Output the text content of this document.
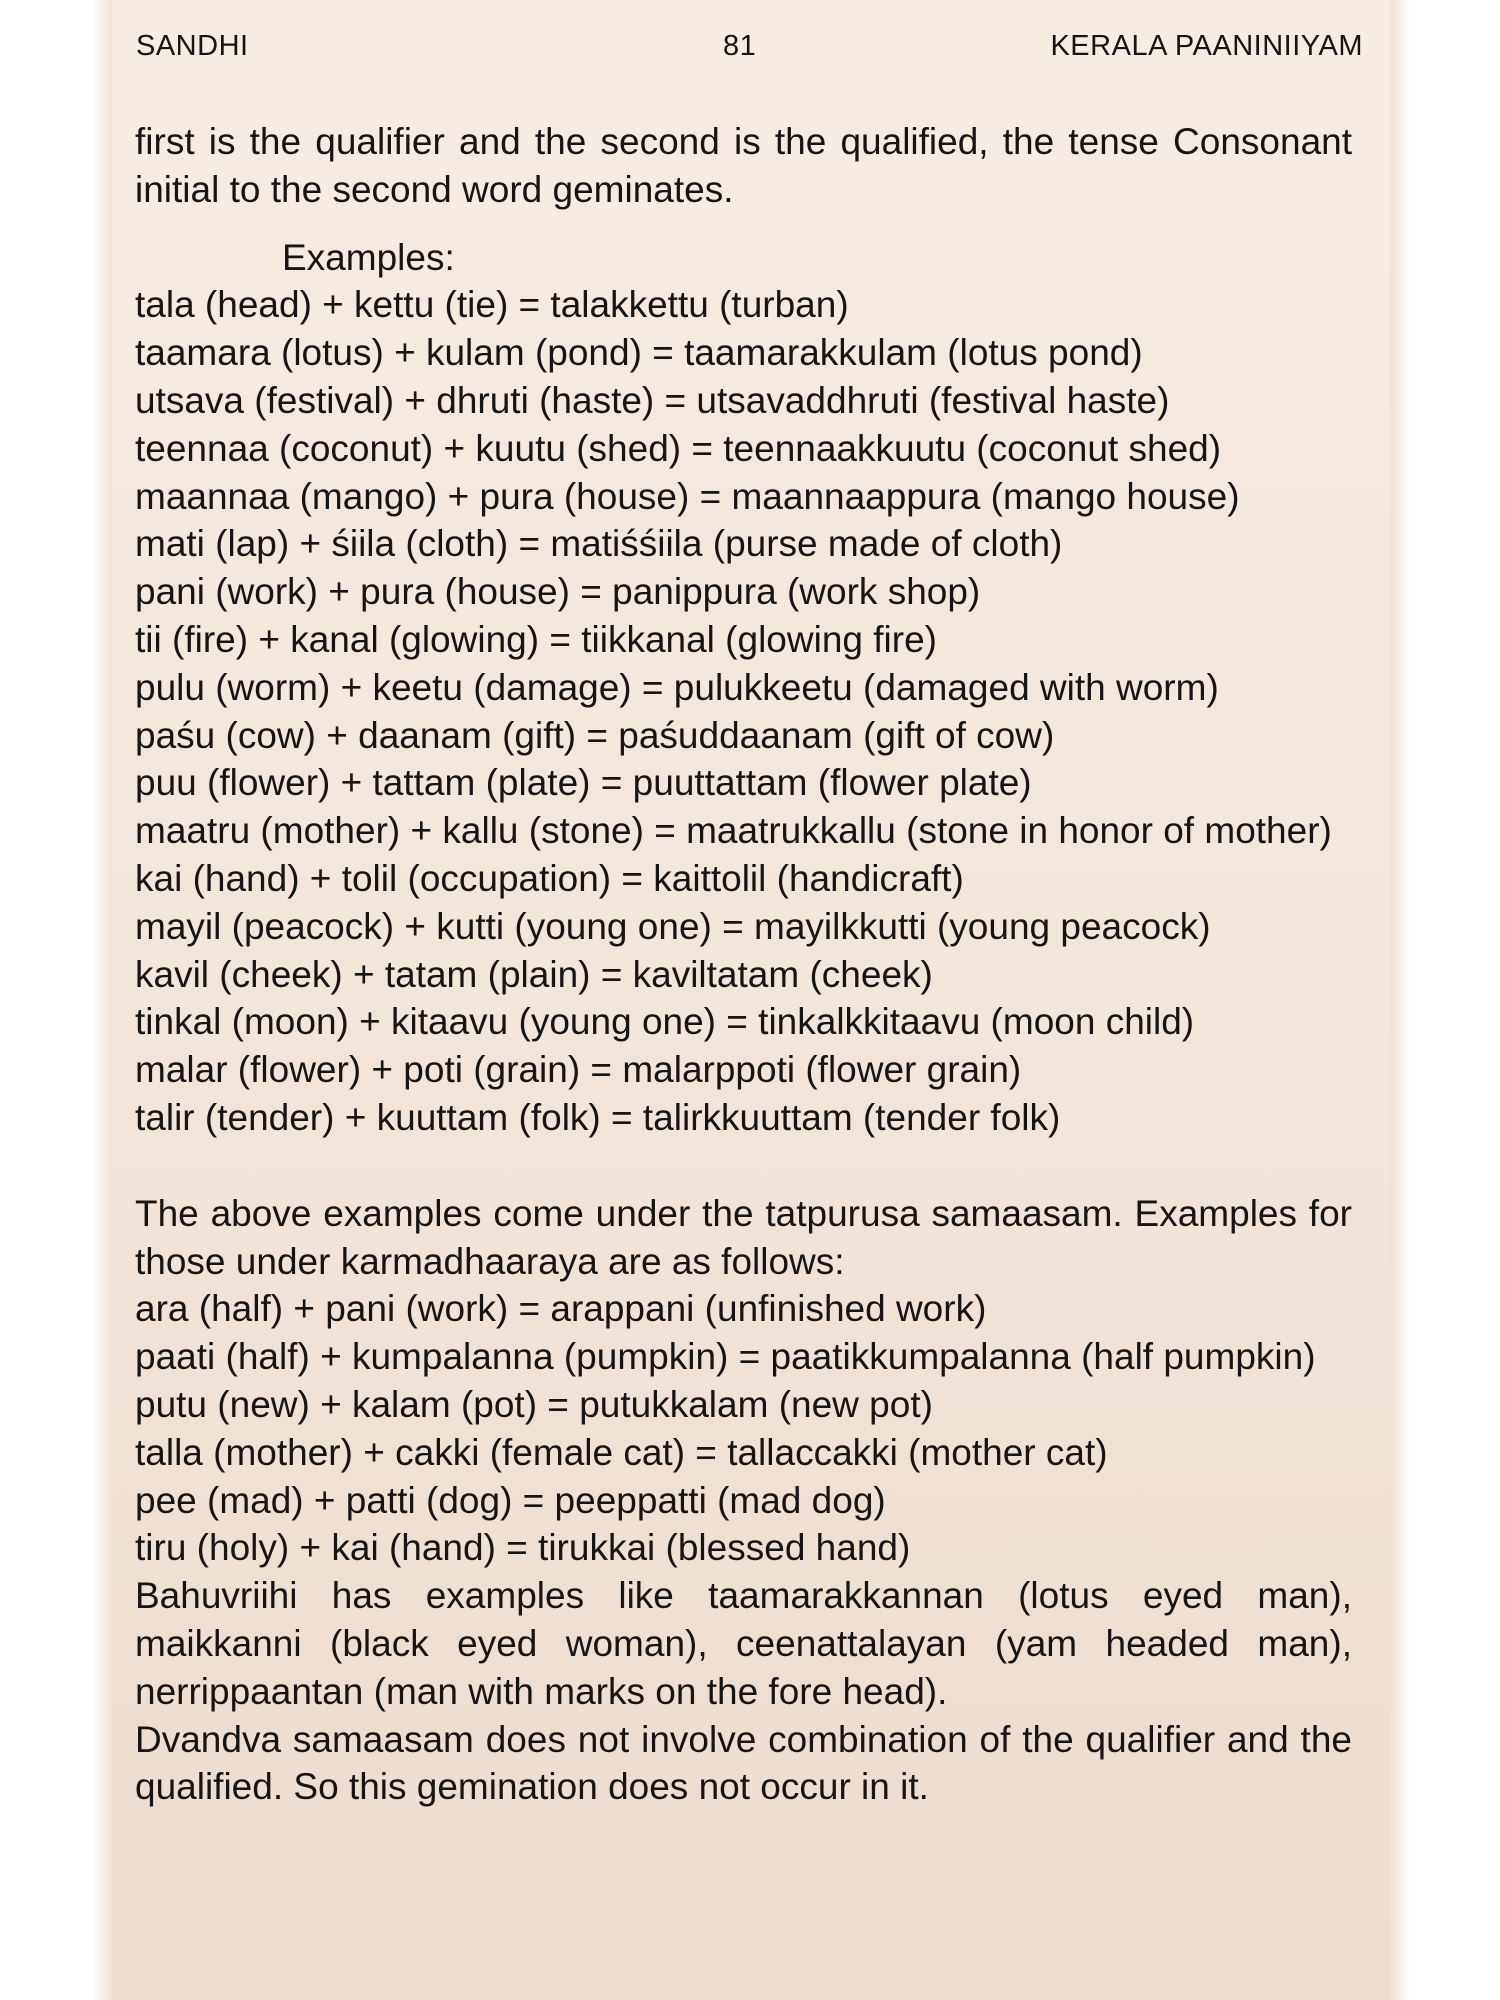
SANDHI	81	KERALA PAANINIIYAM
first is the qualifier and the second is the qualified, the tense Consonant initial to the second word geminates.
Examples:
tala (head) + kettu (tie) = talakkettu (turban)
taamara (lotus) + kulam (pond) = taamarakkulam (lotus pond)
utsava (festival) + dhruti (haste) = utsavaddhruti (festival haste)
teennaa (coconut) + kuutu (shed) = teennaakkuutu (coconut shed)
maannaa (mango) + pura (house) = maannaappura (mango house)
mati (lap) + śiila (cloth) = matiśśiila (purse made of cloth)
pani (work) + pura (house) = panippura (work shop)
tii (fire) + kanal (glowing) = tiikkanal (glowing fire)
pulu (worm) + keetu (damage) = pulukkeetu (damaged with worm)
paśu (cow) + daanam (gift) = paśuddaanam (gift of cow)
puu (flower) + tattam (plate) = puuttattam (flower plate)
maatru (mother) + kallu (stone) = maatrukkallu (stone in honor of mother)
kai (hand) + tolil (occupation) = kaittolil (handicraft)
mayil (peacock) + kutti (young one) = mayilkkutti (young peacock)
kavil (cheek) + tatam (plain) = kaviltatam (cheek)
tinkal (moon) + kitaavu (young one) = tinkalkkitaavu (moon child)
malar (flower) + poti (grain) = malarppoti (flower grain)
talir (tender) + kuuttam (folk) = talirkkuuttam (tender folk)
The above examples come under the tatpurusa samaasam. Examples for those under karmadhaaraya are as follows:
ara (half) + pani (work) = arappani (unfinished work)
paati (half) + kumpalanna (pumpkin) = paatikkumpalanna (half pumpkin)
putu (new) + kalam (pot) = putukkalam (new pot)
talla (mother) + cakki (female cat) = tallaccakki (mother cat)
pee (mad) + patti (dog) = peeppatti (mad dog)
tiru (holy) + kai (hand) = tirukkai (blessed hand)
Bahuvriihi has examples like taamarakkannan (lotus eyed man), maikkanni (black eyed woman), ceenattalayan (yam headed man), nerrippaantan (man with marks on the fore head).
Dvandva samaasam does not involve combination of the qualifier and the qualified. So this gemination does not occur in it.
